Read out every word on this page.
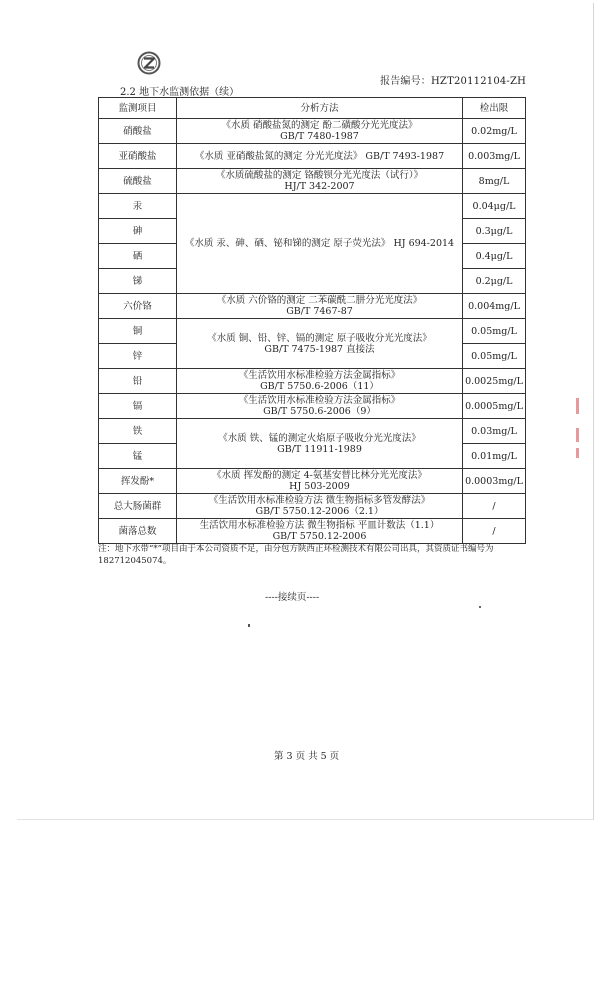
报告编号：HZT20112104-ZH
2.2 地下水监测依据（续）
监测项目	分析方法	检出限
硝酸盐	《水质 硝酸盐氮的测定 酚二磺酸分光光度法》
GB/T 7480-1987	0.02mg/L
亚硝酸盐	《水质 亚硝酸盐氮的测定 分光光度法》 GB/T 7493-1987	0.003mg/L
硫酸盐	《水质硫酸盐的测定 铬酸钡分光光度法（试行）》
HJ/T 342-2007	8mg/L
汞	《水质 汞、砷、硒、铋和锑的测定 原子荧光法》 HJ 694-2014	0.04μg/L
砷		0.3μg/L
硒		0.4μg/L
锑		0.2μg/L
六价铬	《水质 六价铬的测定 二苯碳酰二肼分光光度法》
GB/T 7467-87	0.004mg/L
铜	《水质 铜、铅、锌、镉的测定 原子吸收分光光度法》
GB/T 7475-1987 直接法	0.05mg/L
锌		0.05mg/L
铅	《生活饮用水标准检验方法金属指标》
GB/T 5750.6-2006（11）	0.0025mg/L
镉	《生活饮用水标准检验方法金属指标》
GB/T 5750.6-2006（9）	0.0005mg/L
铁	《水质 铁、锰的测定火焰原子吸收分光光度法》
GB/T 11911-1989	0.03mg/L
锰		0.01mg/L
挥发酚*	《水质 挥发酚的测定 4-氨基安替比林分光光度法》
HJ 503-2009	0.0003mg/L
总大肠菌群	《生活饮用水标准检验方法 微生物指标多管发酵法》
GB/T 5750.12-2006（2.1）	/
菌落总数	生活饮用水标准检验方法 微生物指标 平皿计数法（1.1）
GB/T 5750.12-2006	/
注：地下水带“*”项目由于本公司资质不足，由分包方陕西正环检测技术有限公司出具，其资质证书编号为182712045074。
----接续页----
第 3 页 共 5 页
